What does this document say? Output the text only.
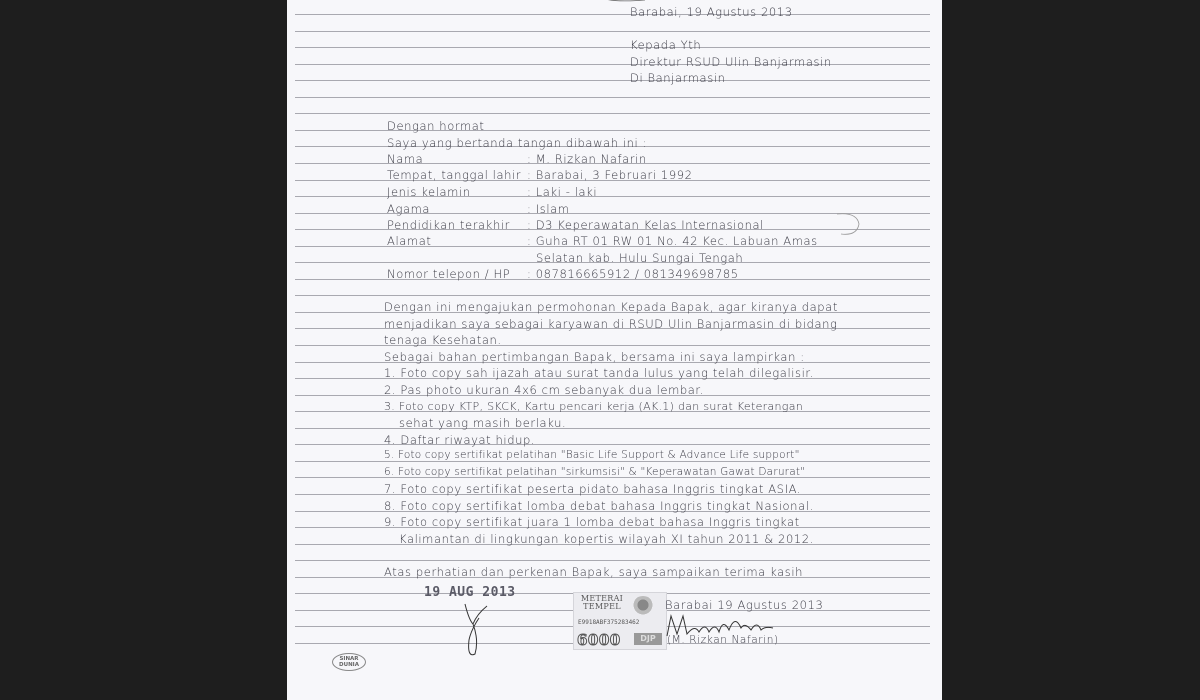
Barabai, 19 Agustus 2013
Kepada Yth
Direktur RSUD Ulin Banjarmasin
Di Banjarmasin
Dengan hormat
Saya yang bertanda tangan dibawah ini :
Nama	: M. Rizkan Nafarin
Tempat, tanggal lahir : Barabai, 3 Februari 1992
Jenis kelamin	: Laki - laki
Agama	: Islam
Pendidikan terakhir : D3 Keperawatan Kelas Internasional
Alamat	: Guha RT 01 RW 01 No. 42 Kec. Labuan Amas
Selatan kab. Hulu Sungai Tengah
Nomor telepon / HP : 087816665912 / 081349698785
Dengan ini mengajukan permohonan Kepada Bapak, agar kiranya dapat
menjadikan saya sebagai karyawan di RSUD Ulin Banjarmasin di bidang
tenaga Kesehatan.
Sebagai bahan pertimbangan Bapak, bersama ini saya lampirkan :
1. Foto copy sah ijazah atau surat tanda lulus yang telah dilegalisir.
2. Pas photo ukuran 4x6 cm sebanyak dua lembar.
3. Foto copy KTP, SKCK, Kartu pencari kerja (AK.1) dan surat Keterangan
sehat yang masih berlaku.
4. Daftar riwayat hidup.
5. Foto copy sertifikat pelatihan "Basic Life Support & Advance Life support"
6. Foto copy sertifikat pelatihan "sirkumsisi" & "Keperawatan Gawat Darurat"
7. Foto copy sertifikat peserta pidato bahasa Inggris tingkat ASIA.
8. Foto copy sertifikat lomba debat bahasa Inggris tingkat Nasional.
9. Foto copy sertifikat juara 1 lomba debat bahasa Inggris tingkat
Kalimantan di lingkungan kopertis wilayah XI tahun 2011 & 2012.
Atas perhatian dan perkenan Bapak, saya sampaikan terima kasih
19 AUG 2013	METERAI
TEMPEL
E9918ABF375283462
6000	DJP
Barabai 19 Agustus 2013
(M. Rizkan Nafarin)
SINAR
DUNIA
